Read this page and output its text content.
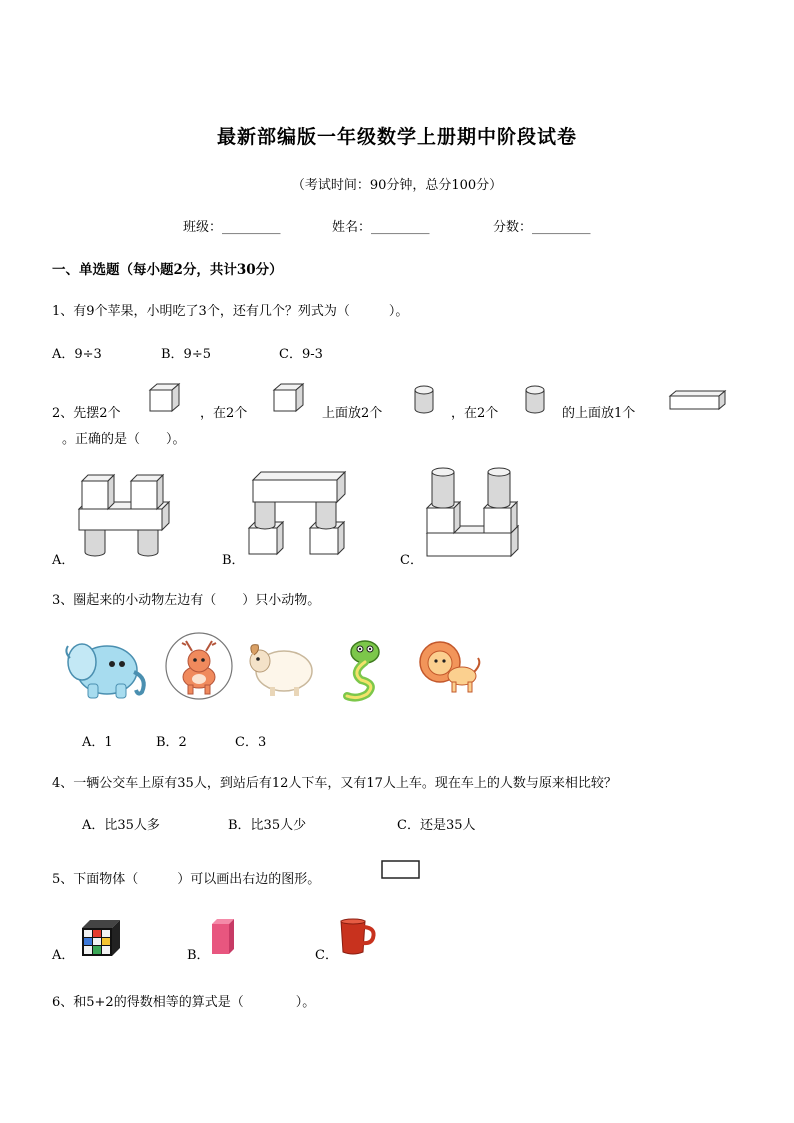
最新部编版一年级数学上册期中阶段试卷
（考试时间：90分钟，总分100分）
班级：_________	姓名：_________	分数：_________
一、单选题（每小题2分，共计30分）
1、有9个苹果，小明吃了3个，还有几个？列式为（　　　）。
A．9÷3	B．9÷5	C．9-3
2、先摆2个	，在2个	上面放2个	，在2个	的上面放1个
。正确的是（　　）。
A．	B．	C．
3、圈起来的小动物左边有（　　）只小动物。
A．1	B．2	C．3
4、一辆公交车上原有35人，到站后有12人下车，又有17人上车。现在车上的人数与原来相比较？
A．比35人多	B．比35人少	C．还是35人
5、下面物体（　　　）可以画出右边的图形。
A．	B．	C．
6、和5+2的得数相等的算式是（　　　　）。
